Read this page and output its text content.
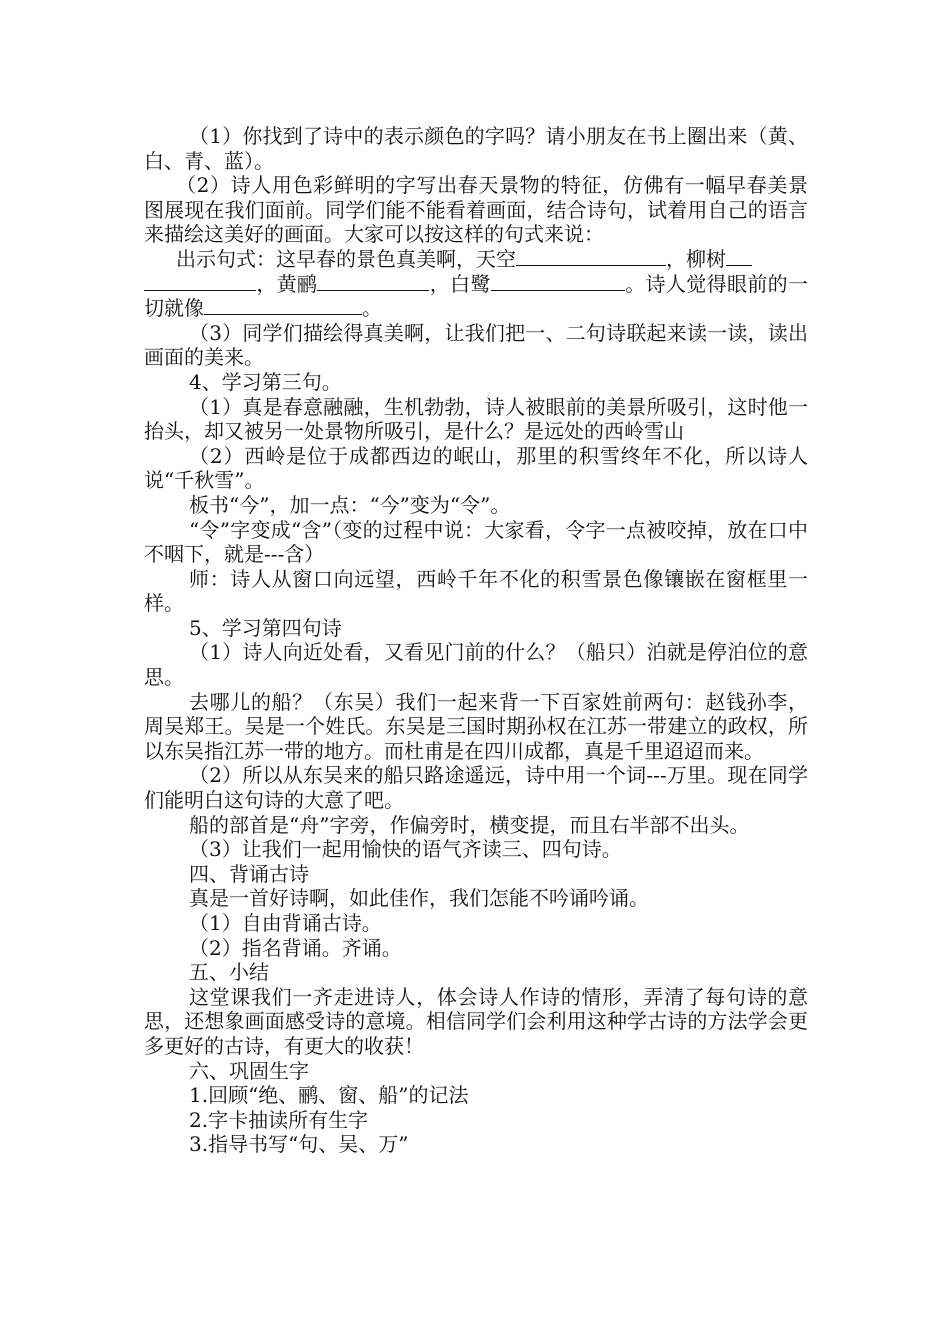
（1）你找到了诗中的表示颜色的字吗？请小朋友在书上圈出来（黄、白、青、蓝）。

（2）诗人用色彩鲜明的字写出春天景物的特征，仿佛有一幅早春美景图展现在我们面前。同学们能不能看着画面，结合诗句，试着用自己的语言来描绘这美好的画面。大家可以按这样的句式来说：

出示句式：这早春的景色真美啊，天空	，柳树
，黄鹂	，白鹭	。诗人觉得眼前的一切就像	。

（3）同学们描绘得真美啊，让我们把一、二句诗联起来读一读，读出画面的美来。

4、学习第三句。

（1）真是春意融融，生机勃勃，诗人被眼前的美景所吸引，这时他一抬头，却又被另一处景物所吸引，是什么？是远处的西岭雪山

（2）西岭是位于成都西边的岷山，那里的积雪终年不化，所以诗人说“千秋雪”。

板书“今”，加一点：“今”变为“令”。

“令”字变成“含”（变的过程中说：大家看，令字一点被咬掉，放在口中不咽下，就是---含）

师：诗人从窗口向远望，西岭千年不化的积雪景色像镶嵌在窗框里一样。

5、学习第四句诗

（1）诗人向近处看，又看见门前的什么？（船只）泊就是停泊位的意思。

去哪儿的船？（东吴）我们一起来背一下百家姓前两句：赵钱孙李，周吴郑王。吴是一个姓氏。东吴是三国时期孙权在江苏一带建立的政权，所以东吴指江苏一带的地方。而杜甫是在四川成都，真是千里迢迢而来。

（2）所以从东吴来的船只路途遥远，诗中用一个词---万里。现在同学们能明白这句诗的大意了吧。

船的部首是“舟”字旁，作偏旁时，横变提，而且右半部不出头。

（3）让我们一起用愉快的语气齐读三、四句诗。

四、背诵古诗

真是一首好诗啊，如此佳作，我们怎能不吟诵吟诵。

（1）自由背诵古诗。

（2）指名背诵。齐诵。

五、小结

这堂课我们一齐走进诗人，体会诗人作诗的情形，弄清了每句诗的意思，还想象画面感受诗的意境。相信同学们会利用这种学古诗的方法学会更多更好的古诗，有更大的收获！

六、巩固生字

1.回顾“绝、鹂、窗、船”的记法

2.字卡抽读所有生字

3.指导书写“句、吴、万”
